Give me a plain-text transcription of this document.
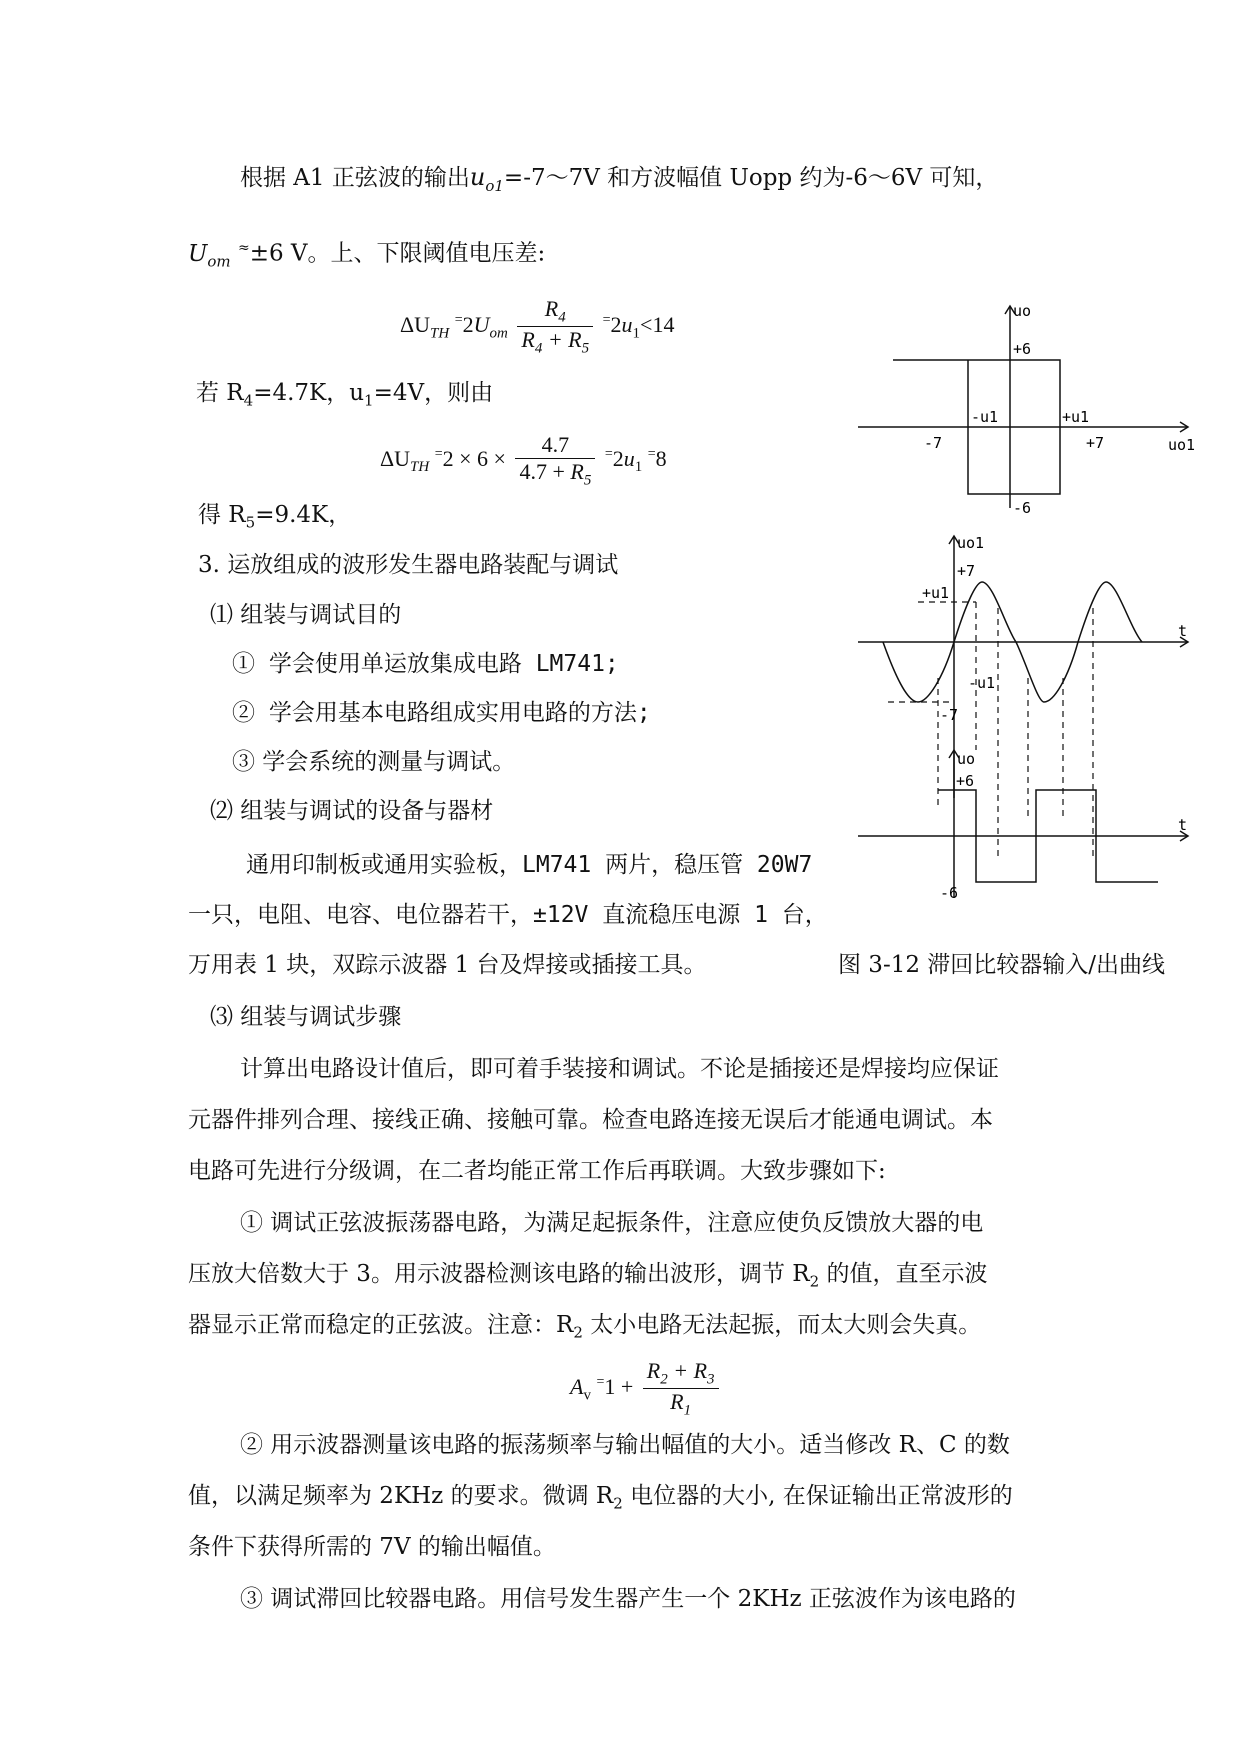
根据 A1 正弦波的输出$u_{o1}=-7\sim 7V$ 和方波幅值 Uopp 约为-6～6V 可知，
$U_{om}$ ≈±6 V。上、下限阈值电压差:
$\Delta U_{TH}$ $^=2U_{om} \frac{R_4}{R_4 + R_5} ^=2u_1<14$
若 $R_4=4.7K$，$u_1=4V$，则由
$\Delta U_{TH}$ $^=2 \times 6 \times \frac{4.7}{4.7 + R_5} ^=2u_1$ =8
得 $R_5=9.4K$，
3. 运放组成的波形发生器电路装配与调试
⑴ 组装与调试目的
① 学会使用单运放集成电路 LM741;
② 学会用基本电路组成实用电路的方法;
③ 学会系统的测量与调试。
⑵ 组装与调试的设备与器材
通用印制板或通用实验板，LM741 两片，稳压管 20W7
一只，电阻、电容、电位器若干，±12V 直流稳压电源 1 台，
万用表 1 块，双踪示波器 1 台及焊接或插接工具。
⑶ 组装与调试步骤
计算出电路设计值后，即可着手装接和调试。不论是插接还是焊接均应保证
元器件排列合理、接线正确、接触可靠。检查电路连接无误后才能通电调试。本
电路可先进行分级调，在二者均能正常工作后再联调。大致步骤如下:
① 调试正弦波振荡器电路，为满足起振条件，注意应使负反馈放大器的电
压放大倍数大于 3。用示波器检测该电路的输出波形，调节 $R_2$ 的值，直至示波
器显示正常而稳定的正弦波。注意：$R_2$ 太小电路无法起振，而太大则会失真。
$A_v$ $^=1 + \frac{R_2 + R_3}{R_1}$
② 用示波器测量该电路的振荡频率与输出幅值的大小。适当修改 R、C 的数
值，以满足频率为 2KHz 的要求。微调 $R_2$ 电位器的大小, 在保证输出正常波形的
条件下获得所需的 7V 的输出幅值。
③ 调试滞回比较器电路。用信号发生器产生一个 2KHz 正弦波作为该电路的
uo
uo1
+6
-6
-7	+7
-u1	+u1
uo1
+7
+u1
-u1
-7
t
uo
+6
-6
t
图 3-12 滞回比较器输入/出曲线
